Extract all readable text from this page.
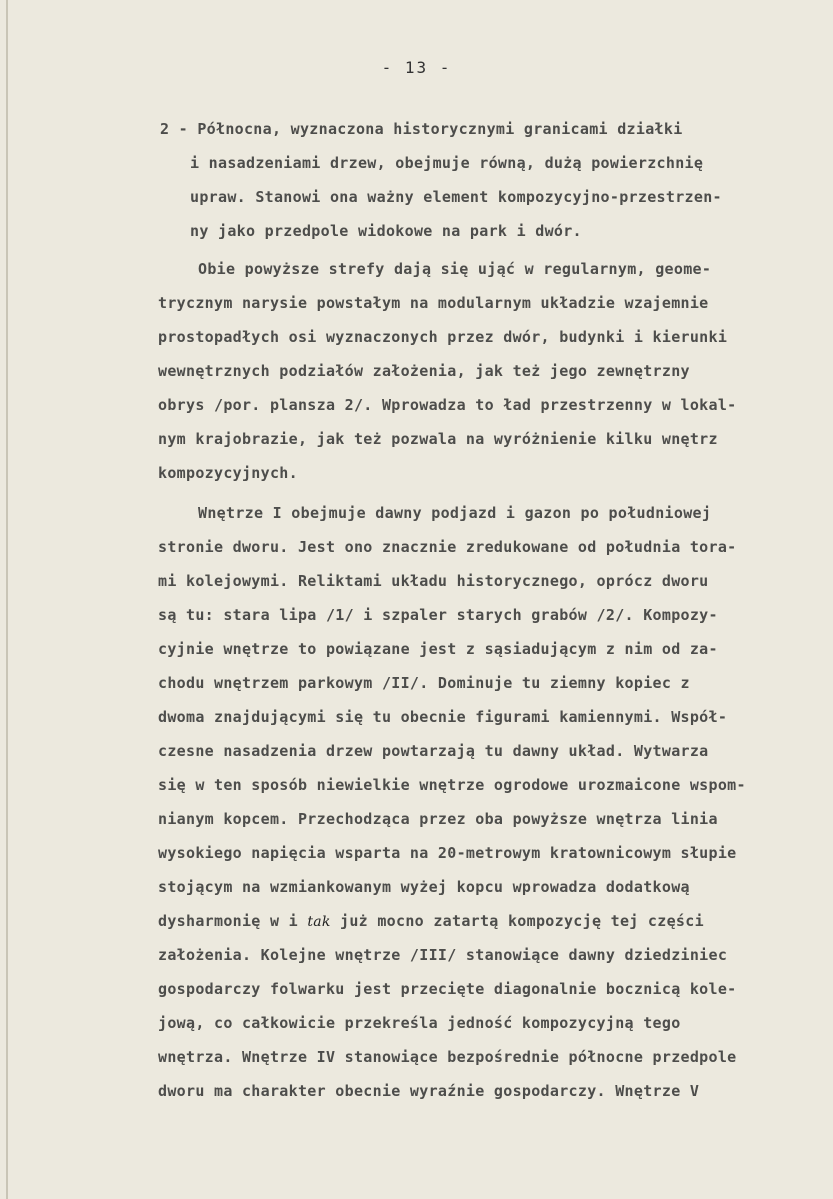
- 13 -
2 - Północna, wyznaczona historycznymi granicami działki
i nasadzeniami drzew, obejmuje równą, dużą powierzchnię
upraw. Stanowi ona ważny element kompozycyjno-przestrzen-
ny jako przedpole widokowe na park i dwór.
Obie powyższe strefy dają się ująć w regularnym, geome-
trycznym narysie powstałym na modularnym układzie wzajemnie
prostopadłych osi wyznaczonych przez dwór, budynki i kierunki
wewnętrznych podziałów założenia, jak też jego zewnętrzny
obrys /por. plansza 2/. Wprowadza to ład przestrzenny w lokal-
nym krajobrazie, jak też pozwala na wyróżnienie kilku wnętrz
kompozycyjnych.
Wnętrze I obejmuje dawny podjazd i gazon po południowej
stronie dworu. Jest ono znacznie zredukowane od południa tora-
mi kolejowymi. Reliktami układu historycznego, oprócz dworu
są tu: stara lipa /1/ i szpaler starych grabów /2/. Kompozy-
cyjnie wnętrze to powiązane jest z sąsiadującym z nim od za-
chodu wnętrzem parkowym /II/. Dominuje tu ziemny kopiec z
dwoma znajdującymi się tu obecnie figurami kamiennymi. Współ-
czesne nasadzenia drzew powtarzają tu dawny układ. Wytwarza
się w ten sposób niewielkie wnętrze ogrodowe urozmaicone wspom-
nianym kopcem. Przechodząca przez oba powyższe wnętrza linia
wysokiego napięcia wsparta na 20-metrowym kratownicowym słupie
stojącym na wzmiankowanym wyżej kopcu wprowadza dodatkową
dysharmonię w i tak już mocno zatartą kompozycję tej części
założenia. Kolejne wnętrze /III/ stanowiące dawny dziedziniec
gospodarczy folwarku jest przecięte diagonalnie bocznicą kole-
jową, co całkowicie przekreśla jedność kompozycyjną tego
wnętrza. Wnętrze IV stanowiące bezpośrednie północne przedpole
dworu ma charakter obecnie wyraźnie gospodarczy. Wnętrze V
